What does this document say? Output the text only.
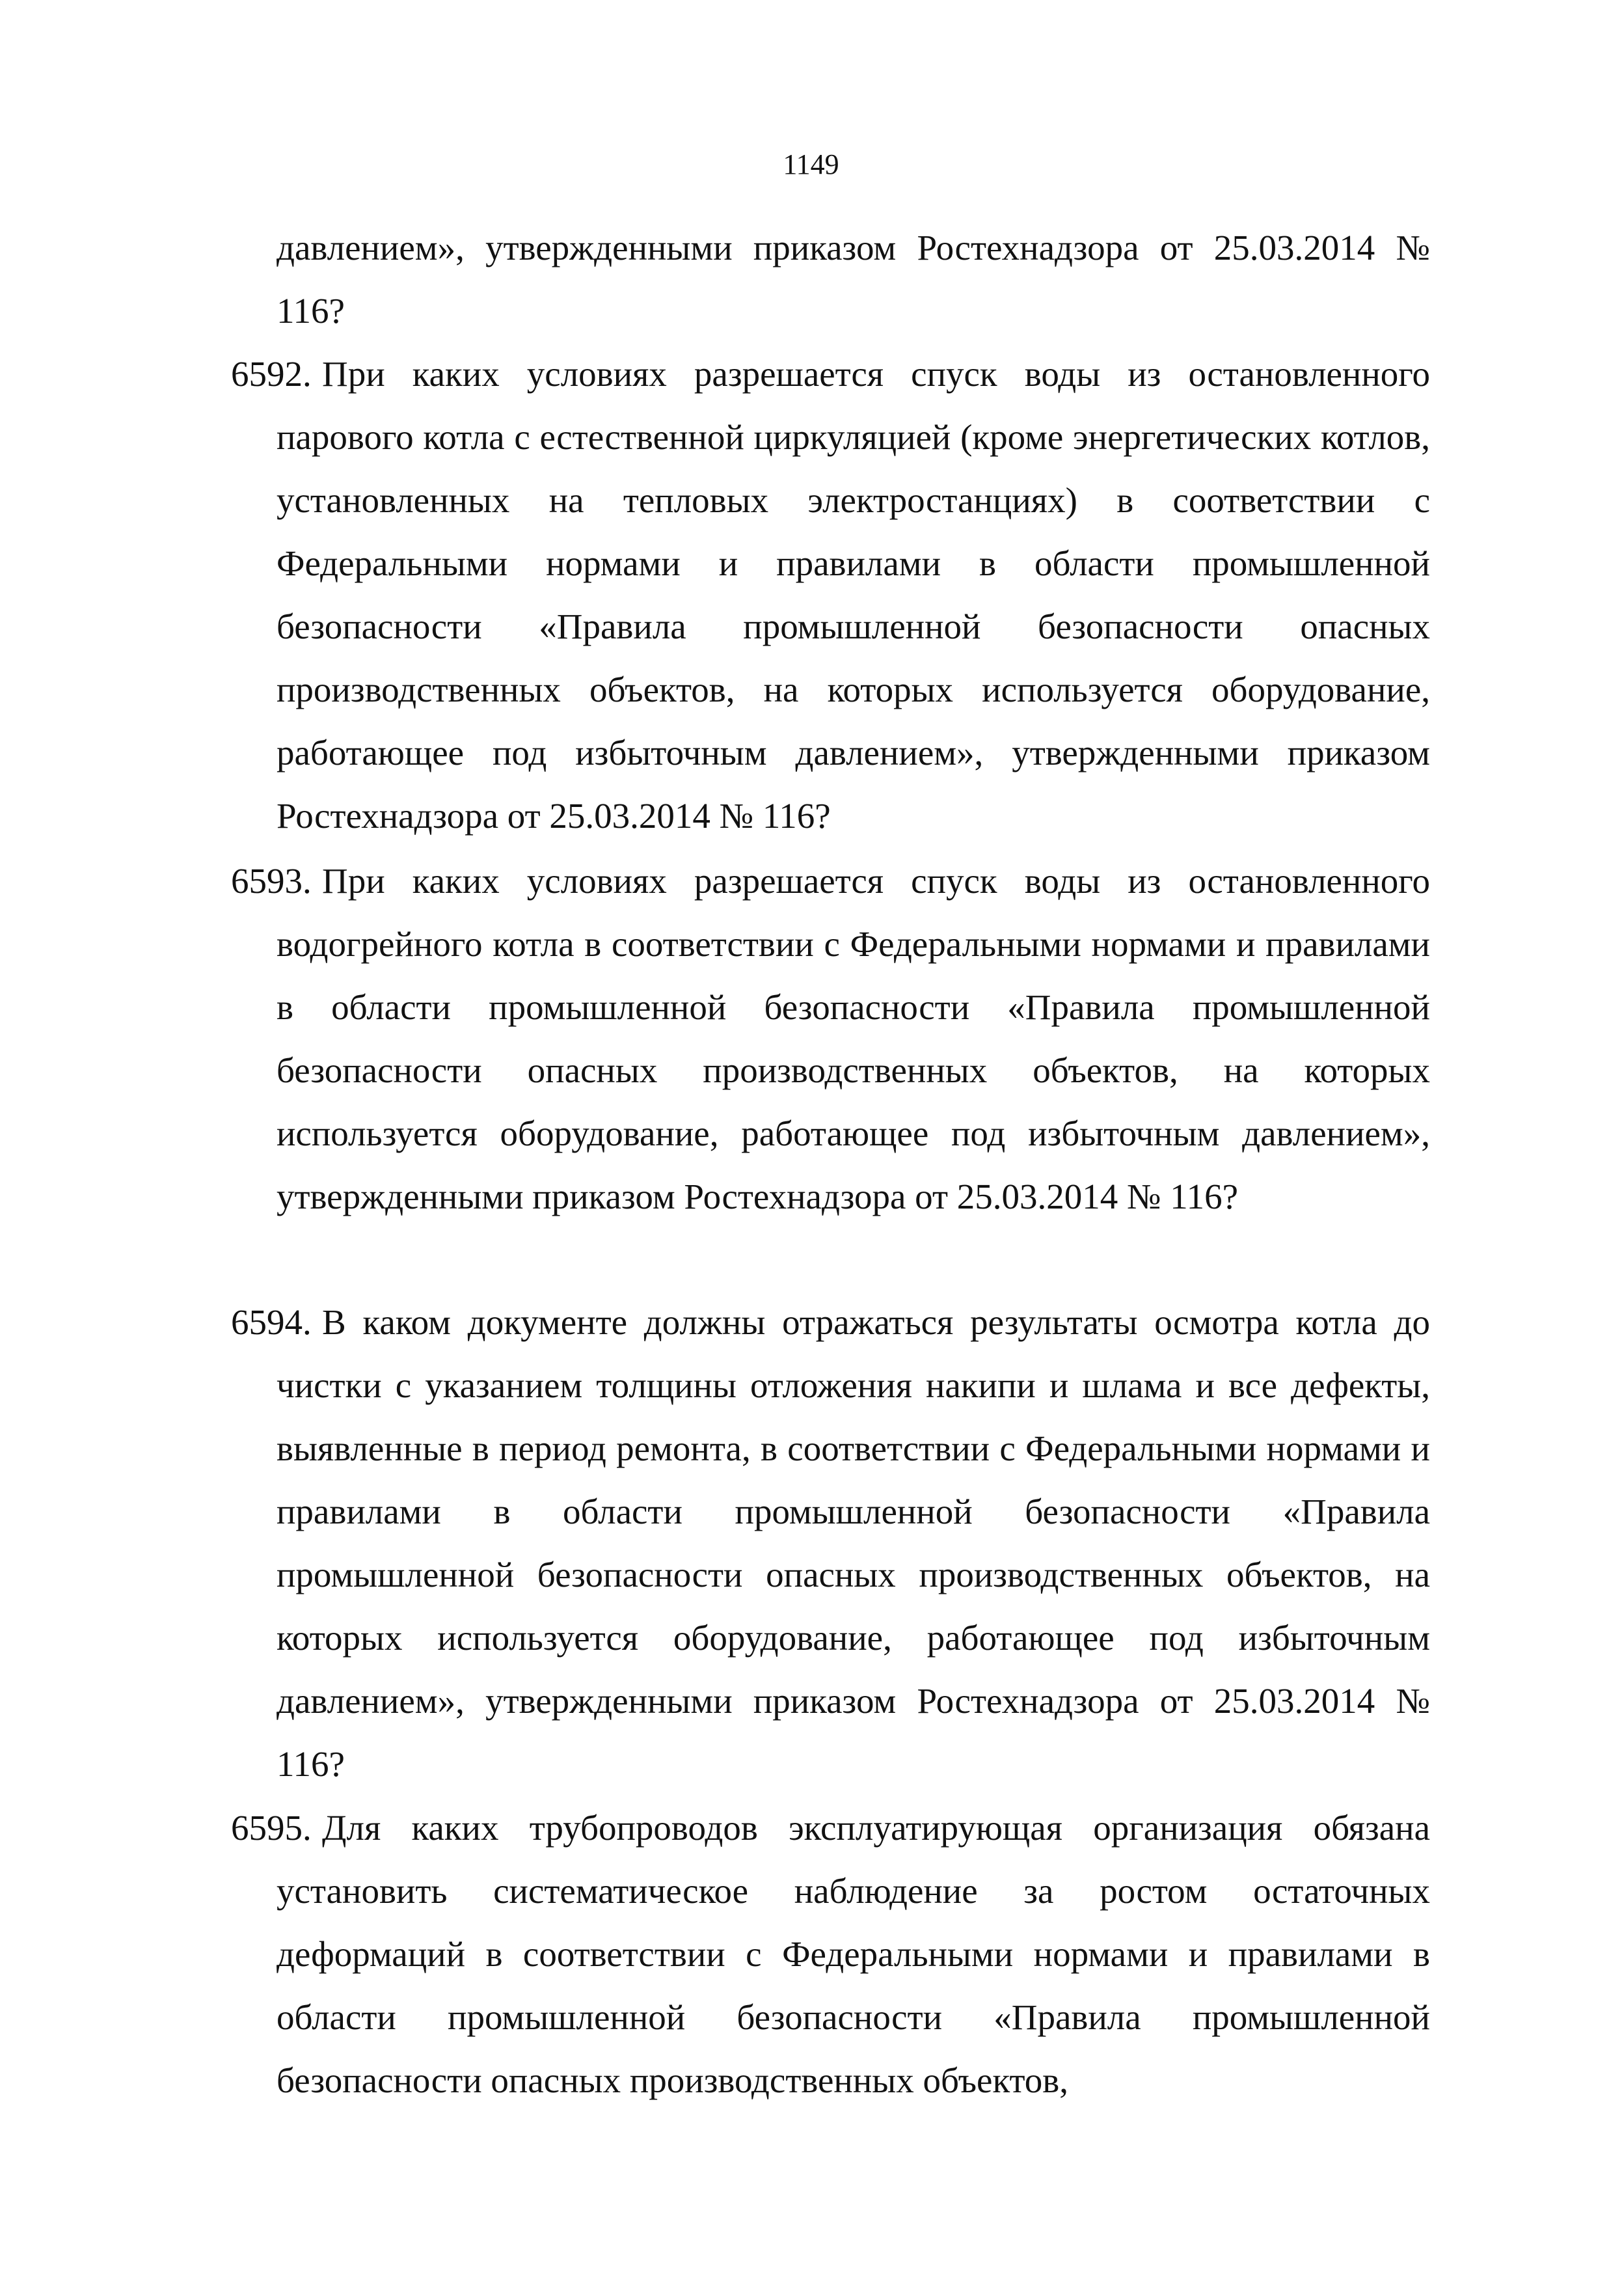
1149
давлением», утвержденными приказом Ростехнадзора от 25.03.2014 № 116?
6592. При каких условиях разрешается спуск воды из остановленного парового котла с естественной циркуляцией (кроме энергетических котлов, установленных на тепловых электростанциях) в соответствии с Федеральными нормами и правилами в области промышленной безопасности «Правила промышленной безопасности опасных производственных объектов, на которых используется оборудование, работающее под избыточным давлением», утвержденными приказом Ростехнадзора от 25.03.2014 № 116?
6593. При каких условиях разрешается спуск воды из остановленного водогрейного котла в соответствии с Федеральными нормами и правилами в области промышленной безопасности «Правила промышленной безопасности опасных производственных объектов, на которых используется оборудование, работающее под избыточным давлением», утвержденными приказом Ростехнадзора от 25.03.2014 № 116?
6594. В каком документе должны отражаться результаты осмотра котла до чистки с указанием толщины отложения накипи и шлама и все дефекты, выявленные в период ремонта, в соответствии с Федеральными нормами и правилами в области промышленной безопасности «Правила промышленной безопасности опасных производственных объектов, на которых используется оборудование, работающее под избыточным давлением», утвержденными приказом Ростехнадзора от 25.03.2014 № 116?
6595. Для каких трубопроводов эксплуатирующая организация обязана установить систематическое наблюдение за ростом остаточных деформаций в соответствии с Федеральными нормами и правилами в области промышленной безопасности «Правила промышленной безопасности опасных производственных объектов,
